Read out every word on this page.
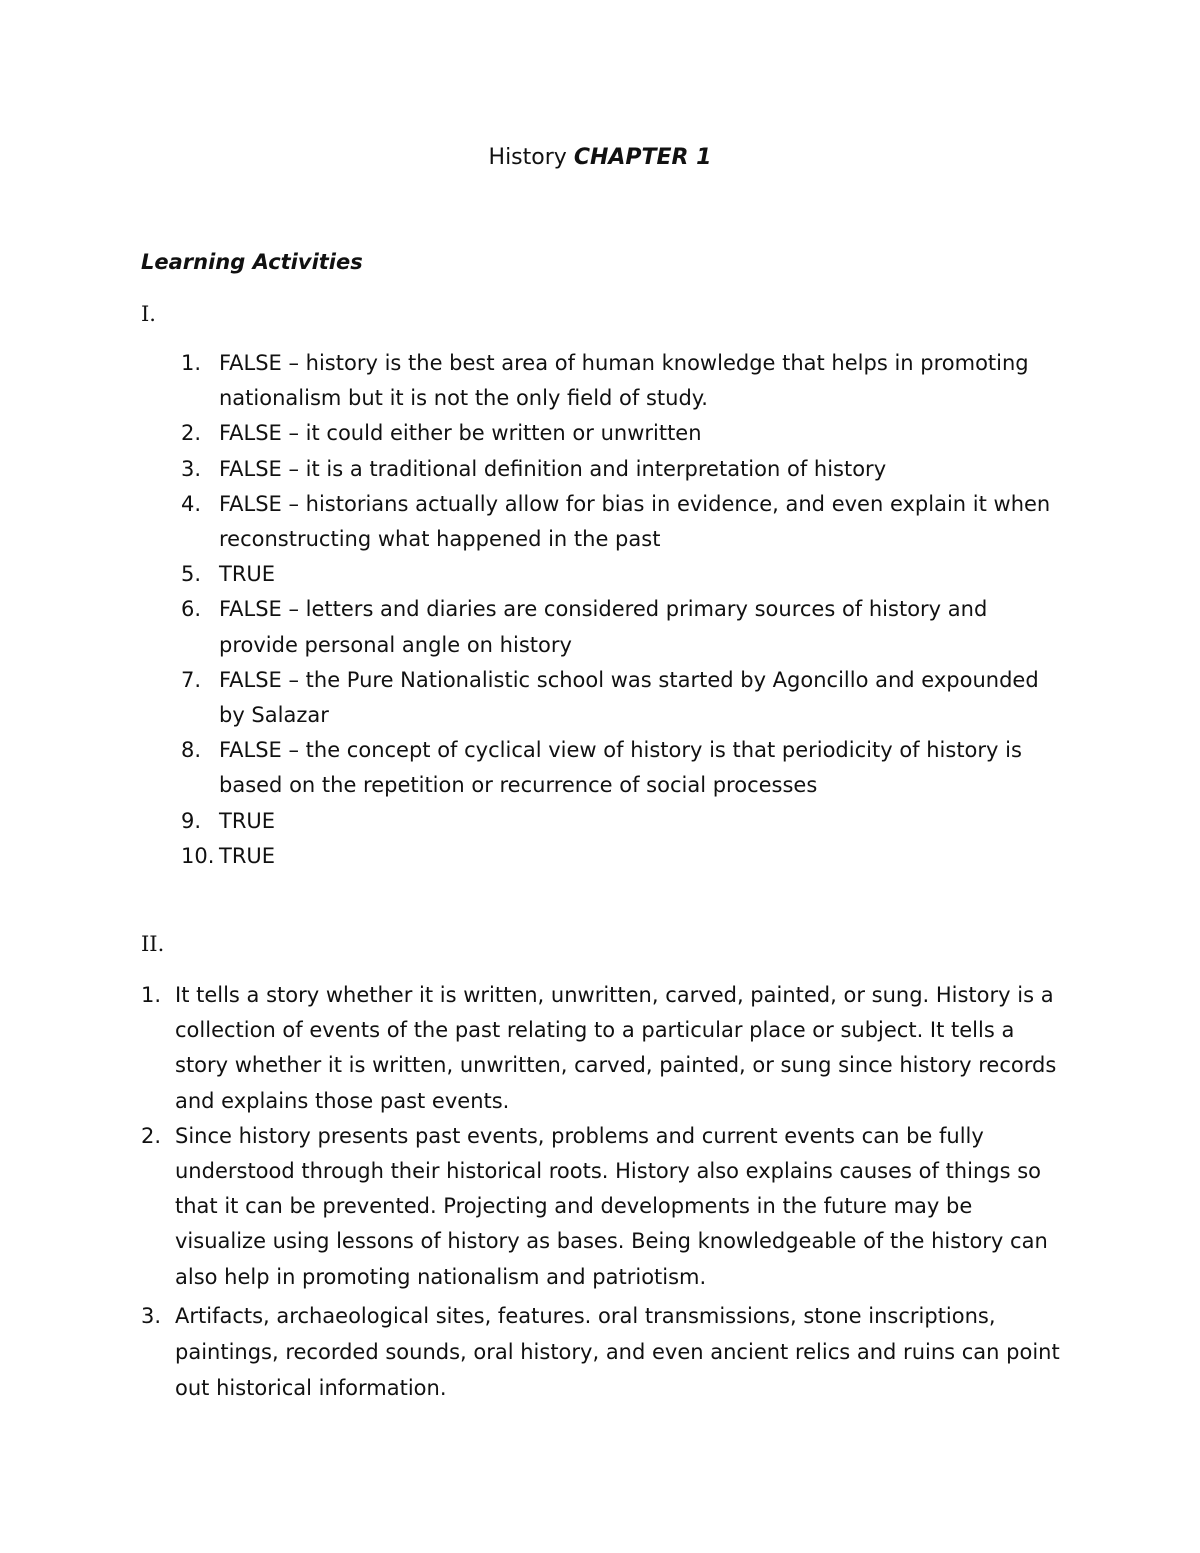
History CHAPTER 1
Learning Activities
I.
1. FALSE – history is the best area of human knowledge that helps in promoting nationalism but it is not the only field of study.
2. FALSE – it could either be written or unwritten
3. FALSE – it is a traditional definition and interpretation of history
4. FALSE – historians actually allow for bias in evidence, and even explain it when reconstructing what happened in the past
5. TRUE
6. FALSE – letters and diaries are considered primary sources of history and provide personal angle on history
7. FALSE – the Pure Nationalistic school was started by Agoncillo and expounded by Salazar
8. FALSE – the concept of cyclical view of history is that periodicity of history is based on the repetition or recurrence of social processes
9. TRUE
10. TRUE
II.
1. It tells a story whether it is written, unwritten, carved, painted, or sung. History is a collection of events of the past relating to a particular place or subject. It tells a story whether it is written, unwritten, carved, painted, or sung since history records and explains those past events.
2. Since history presents past events, problems and current events can be fully understood through their historical roots. History also explains causes of things so that it can be prevented. Projecting and developments in the future may be visualize using lessons of history as bases. Being knowledgeable of the history can also help in promoting nationalism and patriotism.
3. Artifacts, archaeological sites, features. oral transmissions, stone inscriptions, paintings, recorded sounds, oral history, and even ancient relics and ruins can point out historical information.
